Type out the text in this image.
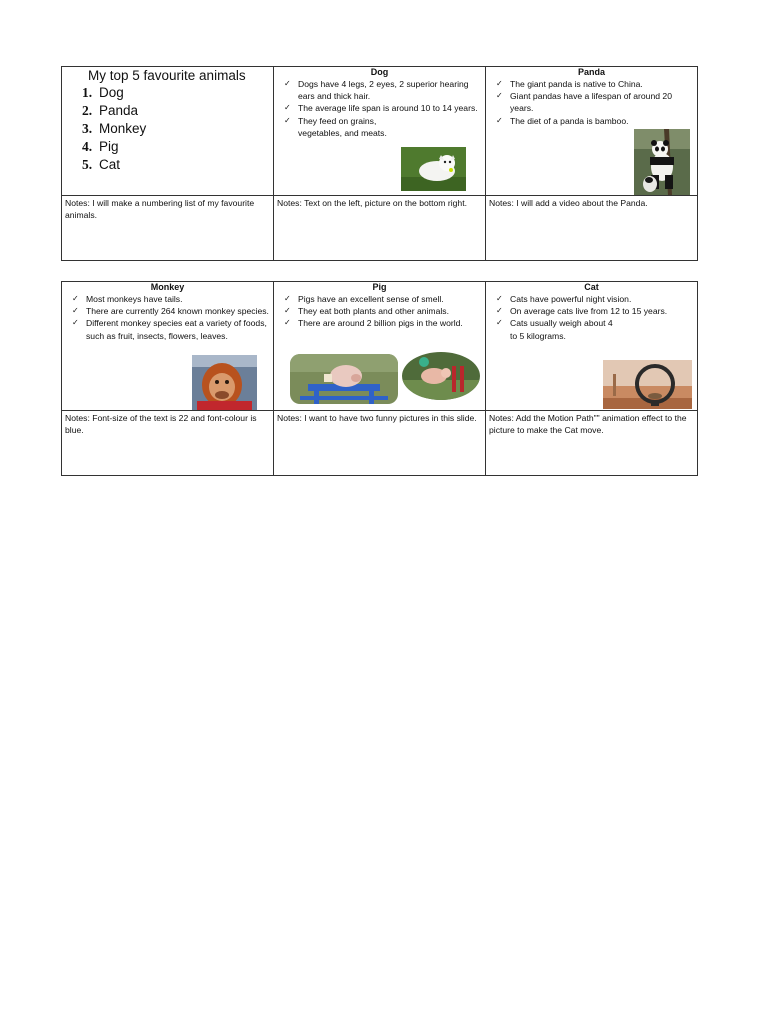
My top 5 favourite animals
1. Dog
2. Panda
3. Monkey
4. Pig
5. Cat
Dog
✓ Dogs have 4 legs, 2 eyes, 2 superior hearing ears and thick hair.
✓ The average life span is around 10 to 14 years.
✓ They feed on grains, vegetables, and meats.
Panda
✓ The giant panda is native to China.
✓ Giant pandas have a lifespan of around 20 years.
✓ The diet of a panda is bamboo.
Notes: I will make a numbering list of my favourite animals.
Notes: Text on the left, picture on the bottom right.	Notes: I will add a video about the Panda.
Monkey
✓ Most monkeys have tails.
✓ There are currently 264 known monkey species.
✓ Different monkey species eat a variety of foods, such as fruit, insects, flowers, leaves.
Pig
✓ Pigs have an excellent sense of smell.
✓ They eat both plants and other animals.
✓ There are around 2 billion pigs in the world.
Cat
✓ Cats have powerful night vision.
✓ On average cats live from 12 to 15 years.
✓ Cats usually weigh about 4 to 5 kilograms.
Notes: Font-size of the text is 22 and font-colour is blue.
Notes: I want to have two funny pictures in this slide.	Notes: Add the Motion Path"" animation effect to the picture to make the Cat move.
